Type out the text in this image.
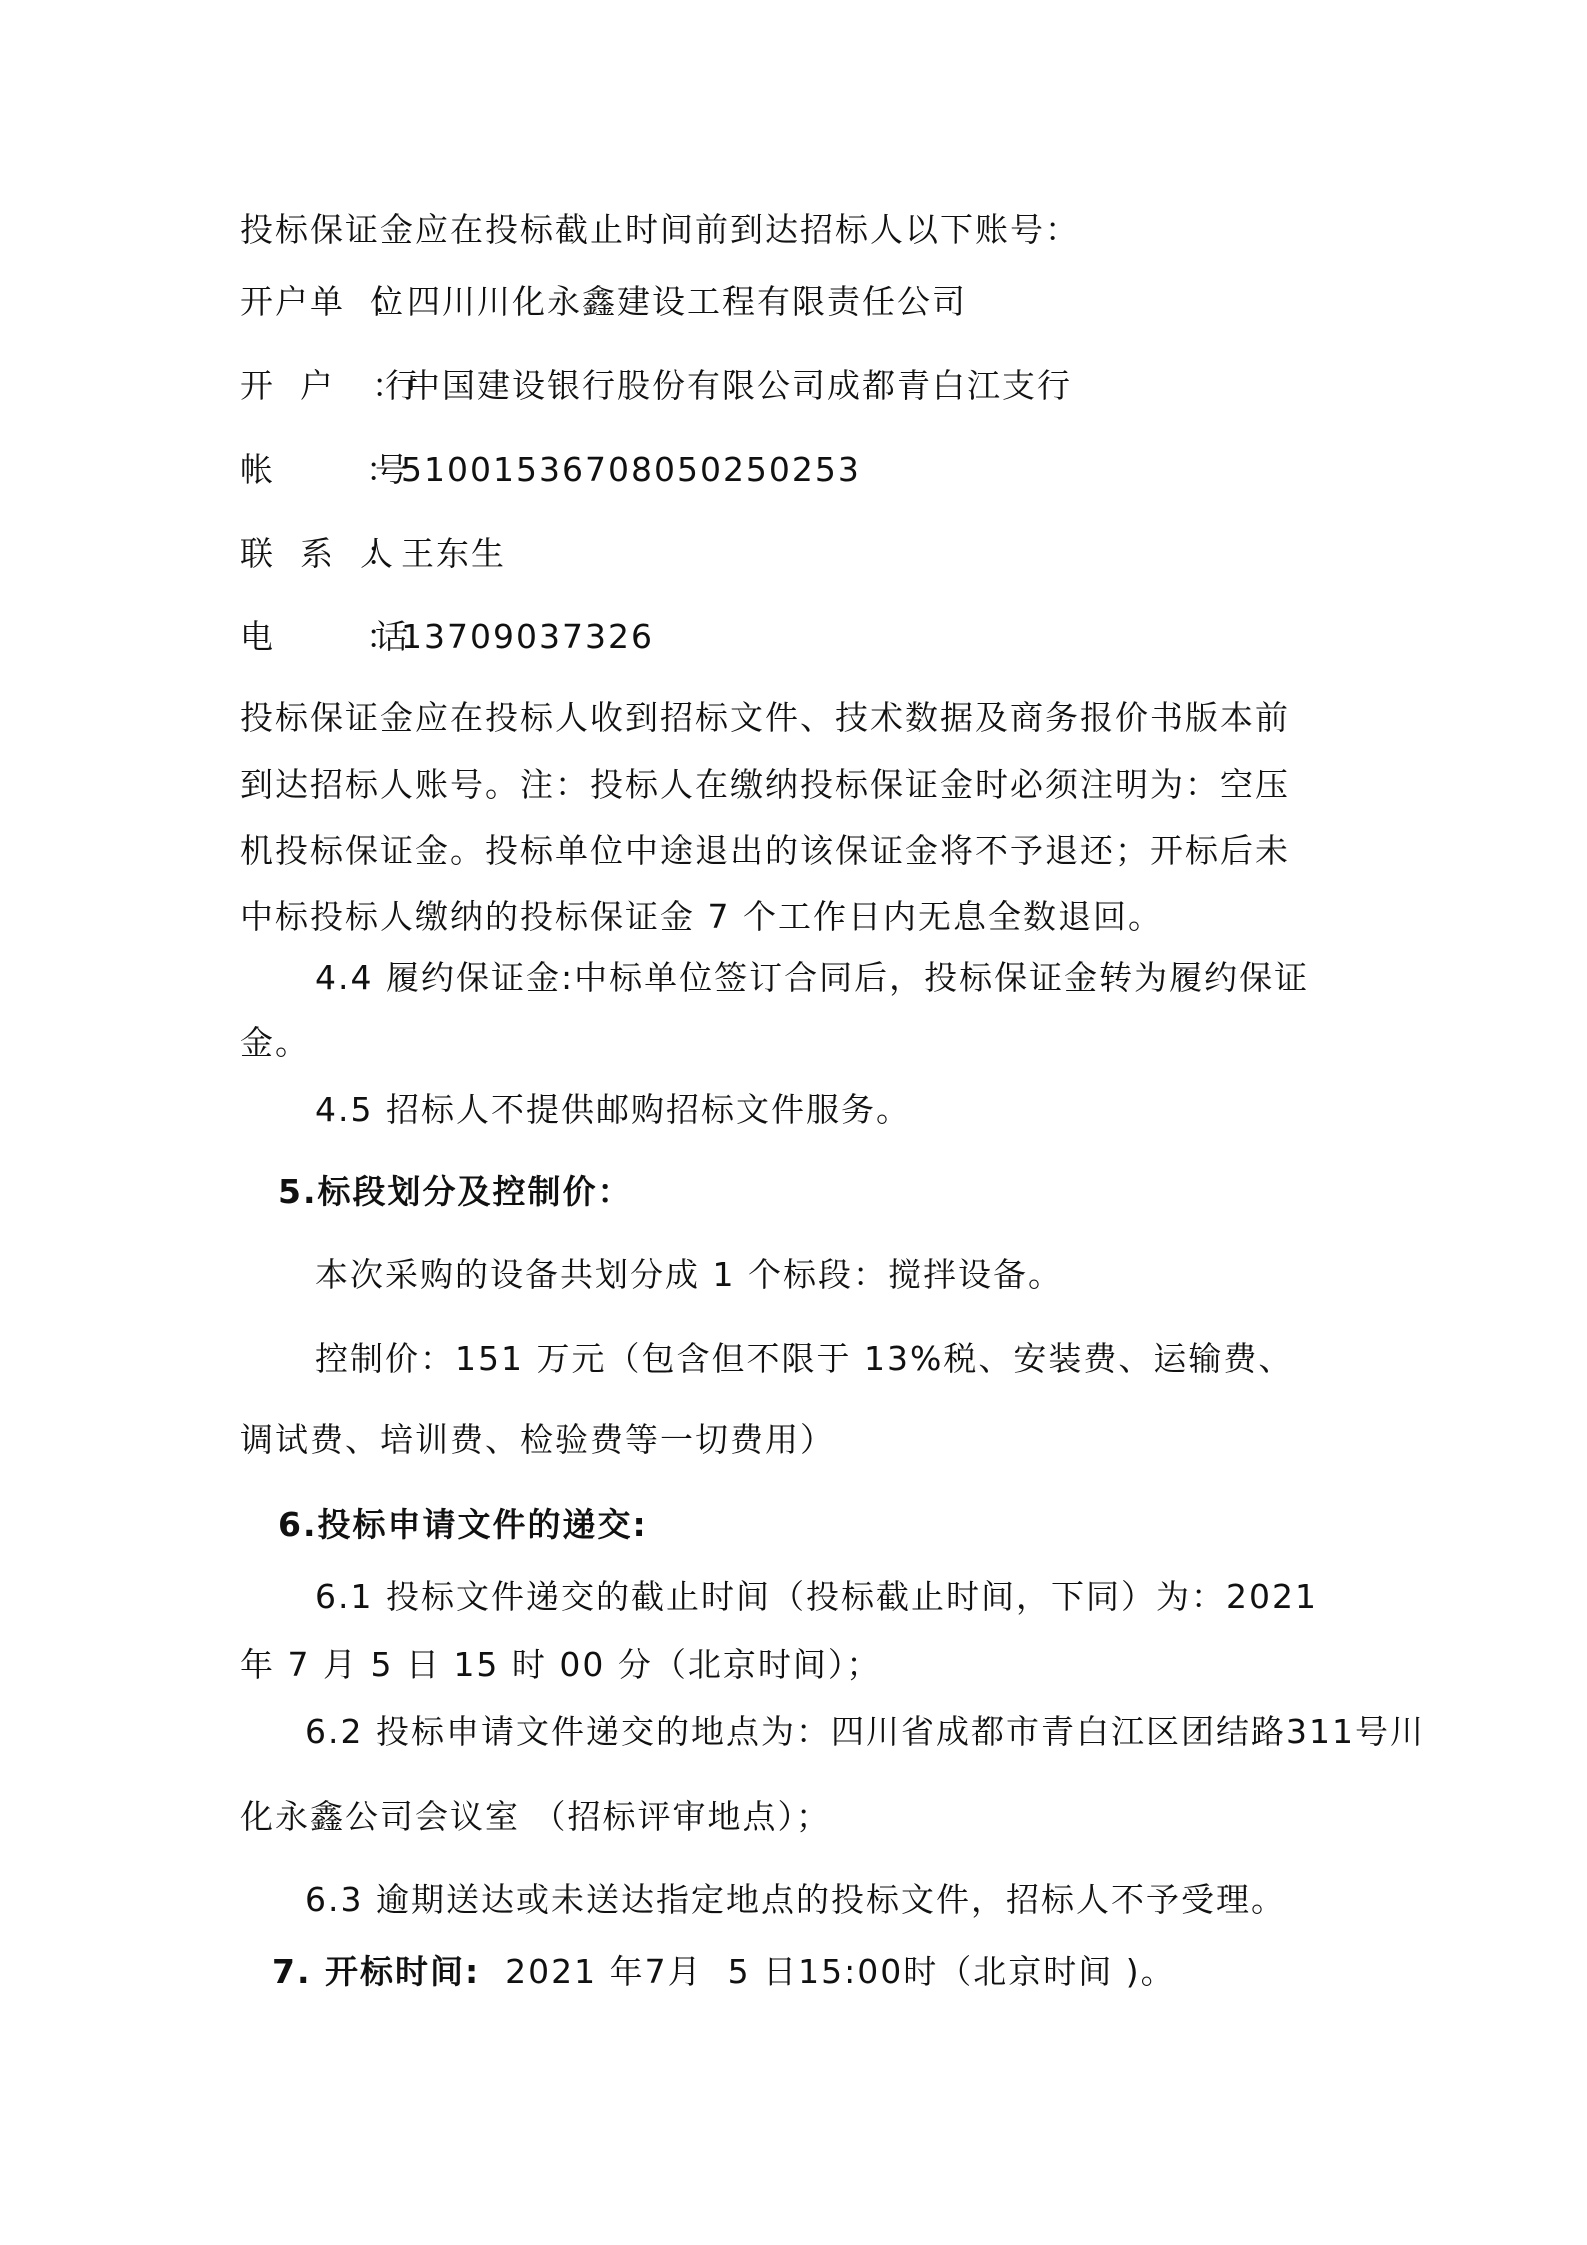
投标保证金应在投标截止时间前到达招标人以下账号：
开户单  位：四川川化永鑫建设工程有限责任公司
开  户    行：中国建设银行股份有限公司成都青白江支行
帐        号：51001536708050250253
联  系  人：王东生
电        话：13709037326
投标保证金应在投标人收到招标文件、技术数据及商务报价书版本前
到达招标人账号。注：投标人在缴纳投标保证金时必须注明为：空压
机投标保证金。投标单位中途退出的该保证金将不予退还；开标后未
中标投标人缴纳的投标保证金 7 个工作日内无息全数退回。
4.4 履约保证金:中标单位签订合同后，投标保证金转为履约保证
金。
4.5 招标人不提供邮购招标文件服务。
5.标段划分及控制价：
本次采购的设备共划分成 1 个标段：搅拌设备。
控制价：151 万元（包含但不限于 13%税、安装费、运输费、
调试费、培训费、检验费等一切费用）
6.投标申请文件的递交:
6.1 投标文件递交的截止时间（投标截止时间，下同）为：2021
年 7 月 5 日 15 时 00 分（北京时间）；
6.2 投标申请文件递交的地点为：四川省成都市青白江区团结路311号川
化永鑫公司会议室 （招标评审地点）；
6.3 逾期送达或未送达指定地点的投标文件，招标人不予受理。
7. 开标时间:  2021 年7月  5 日15:00时（北京时间 )。
